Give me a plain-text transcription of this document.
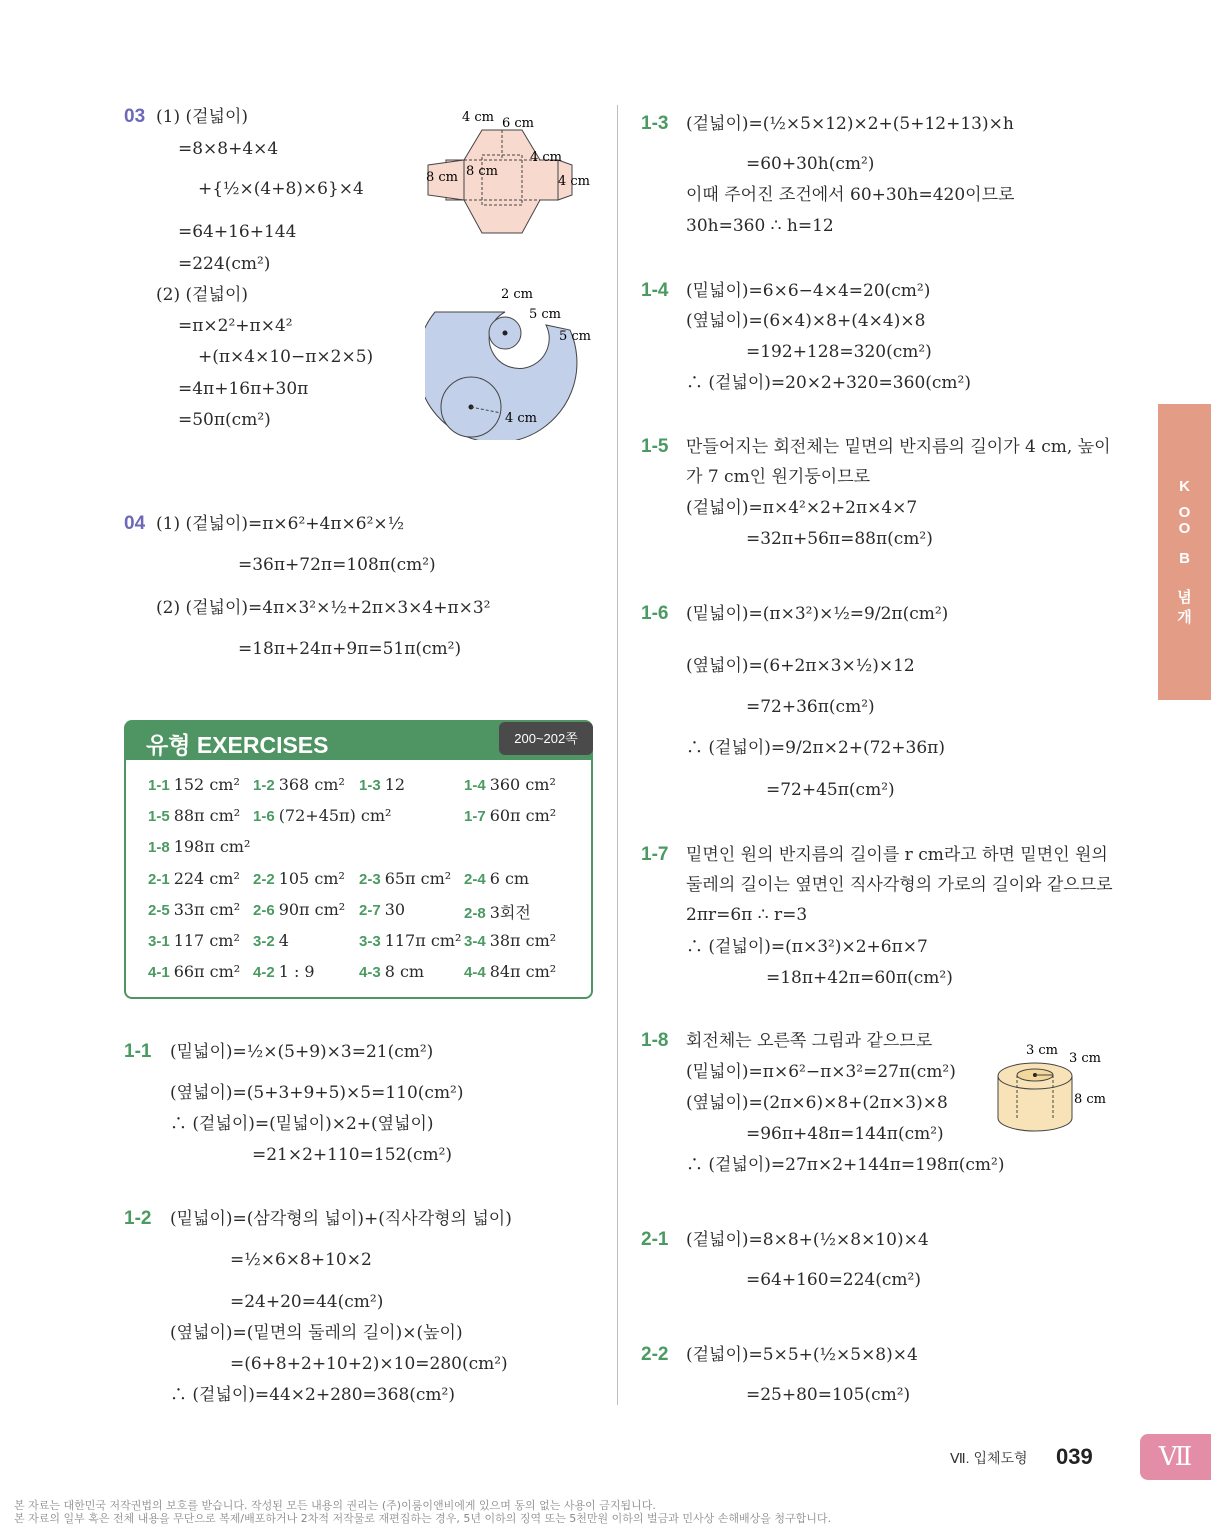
03 (1) (겉넓이)
=8×8+4×4
+{½×(4+8)×6}×4
=64+16+144
=224(cm²)
(2) (겉넓이)
=π×2²+π×4²
+(π×4×10−π×2×5)
=4π+16π+30π
=50π(cm²)
4 cm 6 cm
8 cm
8 cm
4 cm
4 cm
2 cm
5 cm
5 cm
4 cm
04 (1) (겉넓이)=π×6²+4π×6²×½
=36π+72π=108π(cm²)
(2) (겉넓이)=4π×3²×½+2π×3×4+π×3²
=18π+24π+9π=51π(cm²)
유형 EXERCISES	200~202쪽
1-1 152 cm² 1-2 368 cm² 1-3 12	1-4 360 cm²
1-5 88π cm² 1-6 (72+45π) cm²	1-7 60π cm²
1-8 198π cm²
2-1 224 cm² 2-2 105 cm² 2-3 65π cm² 2-4 6 cm
2-5 33π cm² 2-6 90π cm² 2-7 30	2-8 3회전
3-1 117 cm² 3-2 4	3-3 117π cm² 3-4 38π cm²
4-1 66π cm² 4-2 1 : 9	4-3 8 cm	4-4 84π cm²
1-1 (밑넓이)=½×(5+9)×3=21(cm²)
(옆넓이)=(5+3+9+5)×5=110(cm²)
∴ (겉넓이)=(밑넓이)×2+(옆넓이)
=21×2+110=152(cm²)
1-2 (밑넓이)=(삼각형의 넓이)+(직사각형의 넓이)
=½×6×8+10×2
=24+20=44(cm²)
(옆넓이)=(밑면의 둘레의 길이)×(높이)
=(6+8+2+10+2)×10=280(cm²)
∴ (겉넓이)=44×2+280=368(cm²)
1-3 (겉넓이)=(½×5×12)×2+(5+12+13)×h
=60+30h(cm²)
이때 주어진 조건에서 60+30h=420이므로
30h=360 ∴ h=12
1-4 (밑넓이)=6×6−4×4=20(cm²)
(옆넓이)=(6×4)×8+(4×4)×8
=192+128=320(cm²)
∴ (겉넓이)=20×2+320=360(cm²)
1-5 만들어지는 회전체는 밑면의 반지름의 길이가 4 cm, 높이
가 7 cm인 원기둥이므로
(겉넓이)=π×4²×2+2π×4×7
=32π+56π=88π(cm²)
1-6 (밑넓이)=(π×3²)×½=9/2π(cm²)
(옆넓이)=(6+2π×3×½)×12
=72+36π(cm²)
∴ (겉넓이)=9/2π×2+(72+36π)
=72+45π(cm²)
1-7 밑면인 원의 반지름의 길이를 r cm라고 하면 밑면인 원의
둘레의 길이는 옆면인 직사각형의 가로의 길이와 같으므로
2πr=6π ∴ r=3
∴ (겉넓이)=(π×3²)×2+6π×7
=18π+42π=60π(cm²)
1-8 회전체는 오른쪽 그림과 같으므로
(밑넓이)=π×6²−π×3²=27π(cm²)
(옆넓이)=(2π×6)×8+(2π×3)×8
=96π+48π=144π(cm²)
∴ (겉넓이)=27π×2+144π=198π(cm²)
3 cm
3 cm
8 cm
2-1 (겉넓이)=8×8+(½×8×10)×4
=64+160=224(cm²)
2-2 (겉넓이)=5×5+(½×5×8)×4
=25+80=105(cm²)
개
념
B
O
O
K
Ⅶ. 입체도형 039	Ⅶ
본 자료는 대한민국 저작권법의 보호를 받습니다. 작성된 모든 내용의 권리는 (주)이룸이앤비에게 있으며 동의 없는 사용이 금지됩니다.
본 자료의 일부 혹은 전체 내용을 무단으로 복제/배포하거나 2차적 저작물로 재편집하는 경우, 5년 이하의 징역 또는 5천만원 이하의 벌금과 민사상 손해배상을 청구합니다.
